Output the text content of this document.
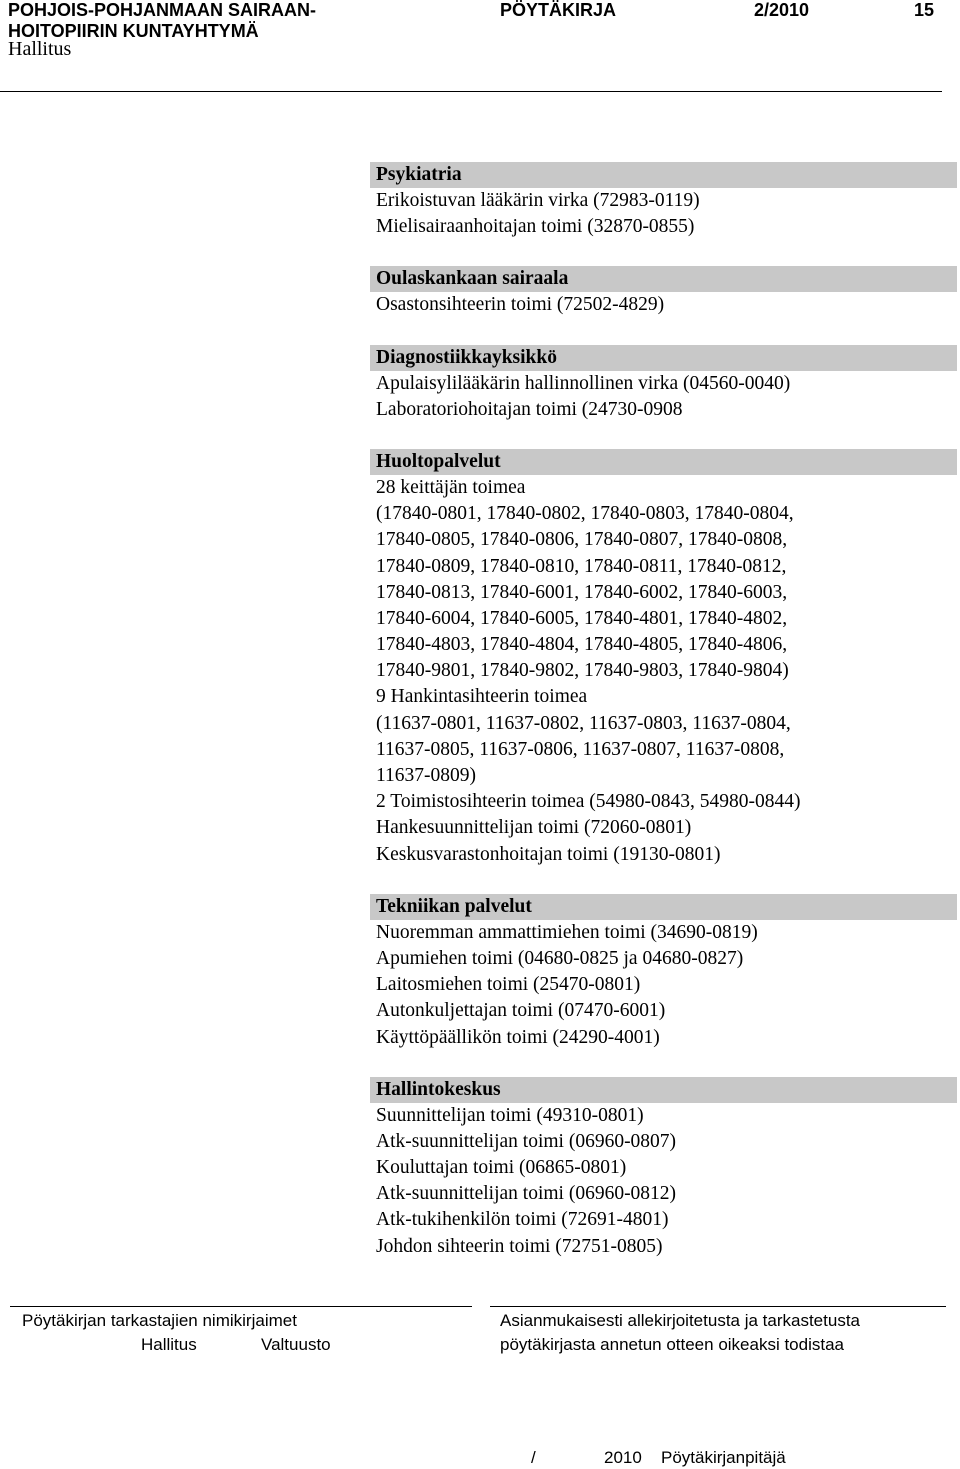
POHJOIS-POHJANMAAN SAIRAAN-
HOITOPIIRIN KUNTAYHTYMÄ
PÖYTÄKIRJA	2/2010	15
Hallitus
Psykiatria
Erikoistuvan lääkärin virka (72983-0119)
Mielisairaanhoitajan toimi (32870-0855)
Oulaskankaan sairaala
Osastonsihteerin toimi (72502-4829)
Diagnostiikkayksikkö
Apulaisylilääkärin hallinnollinen virka (04560-0040)
Laboratoriohoitajan toimi (24730-0908
Huoltopalvelut
28 keittäjän toimea
(17840-0801, 17840-0802, 17840-0803, 17840-0804,
17840-0805, 17840-0806, 17840-0807, 17840-0808,
17840-0809, 17840-0810, 17840-0811, 17840-0812,
17840-0813, 17840-6001, 17840-6002, 17840-6003,
17840-6004, 17840-6005, 17840-4801, 17840-4802,
17840-4803, 17840-4804, 17840-4805, 17840-4806,
17840-9801, 17840-9802, 17840-9803, 17840-9804)
9 Hankintasihteerin toimea
(11637-0801, 11637-0802, 11637-0803, 11637-0804,
11637-0805, 11637-0806, 11637-0807, 11637-0808,
11637-0809)
2 Toimistosihteerin toimea (54980-0843, 54980-0844)
Hankesuunnittelijan toimi (72060-0801)
Keskusvarastonhoitajan toimi (19130-0801)
Tekniikan palvelut
Nuoremman ammattimiehen toimi (34690-0819)
Apumiehen toimi (04680-0825 ja 04680-0827)
Laitosmiehen toimi (25470-0801)
Autonkuljettajan toimi (07470-6001)
Käyttöpäällikön toimi (24290-4001)
Hallintokeskus
Suunnittelijan toimi (49310-0801)
Atk-suunnittelijan toimi (06960-0807)
Kouluttajan toimi (06865-0801)
Atk-suunnittelijan toimi (06960-0812)
Atk-tukihenkilön toimi (72691-4801)
Johdon sihteerin toimi (72751-0805)
Pöytäkirjan tarkastajien nimikirjaimet
Hallitus	Valtuusto
Asianmukaisesti allekirjoitetusta ja tarkastetusta
pöytäkirjasta annetun otteen oikeaksi todistaa
/	2010 Pöytäkirjanpitäjä
